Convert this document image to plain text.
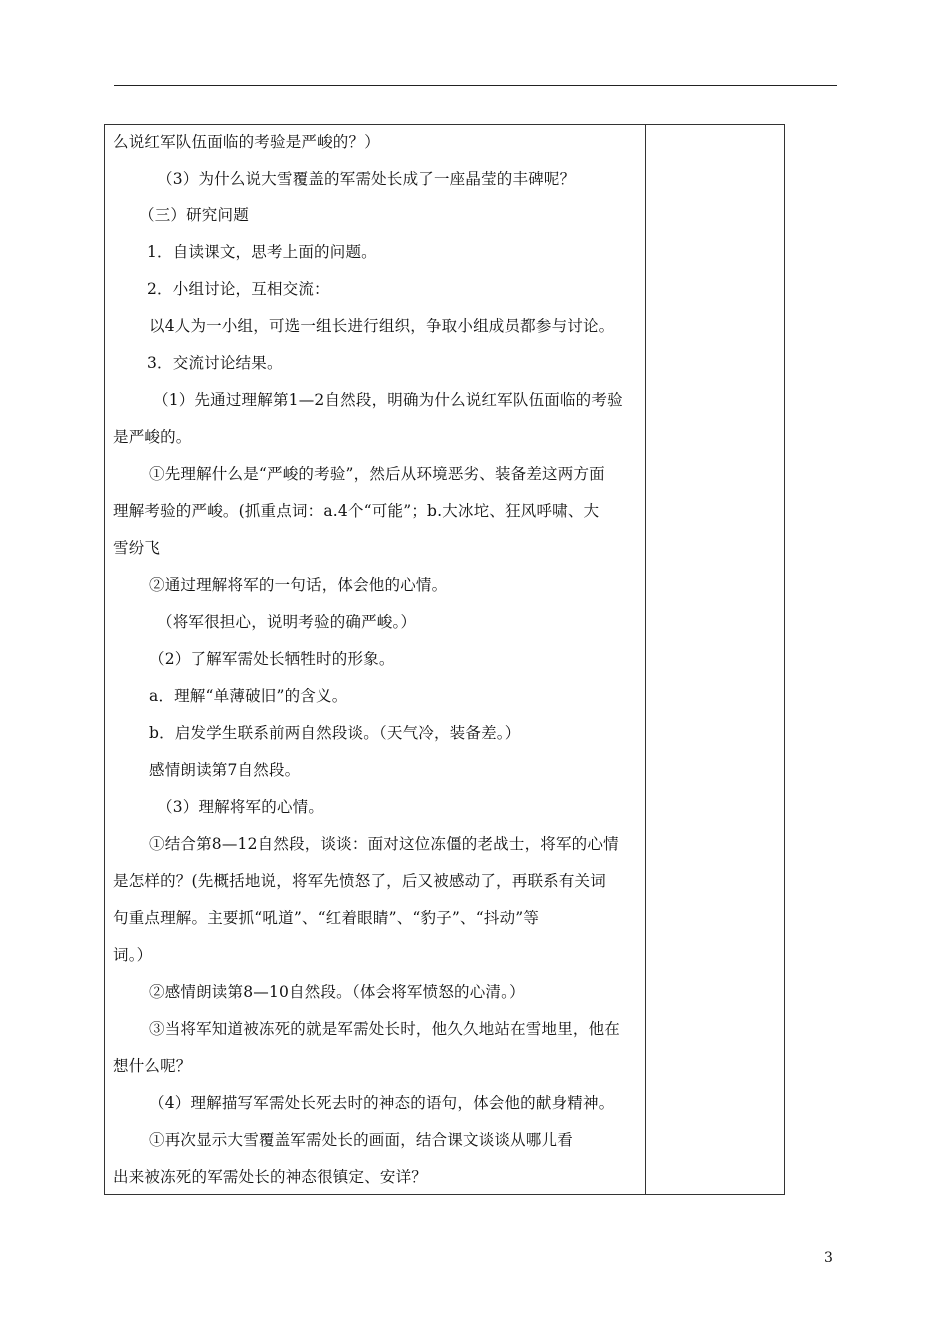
么说红军队伍面临的考验是严峻的？）
（3）为什么说大雪覆盖的军需处长成了一座晶莹的丰碑呢？
（三）研究问题
1．自读课文，思考上面的问题。
2．小组讨论，互相交流：
以4人为一小组，可选一组长进行组织，争取小组成员都参与讨论。
3．交流讨论结果。
（1）先通过理解第1—2自然段，明确为什么说红军队伍面临的考验
是严峻的。
①先理解什么是“严峻的考验”，然后从环境恶劣、装备差这两方面
理解考验的严峻。(抓重点词：a.4个“可能”；b.大冰坨、狂风呼啸、大
雪纷飞
②通过理解将军的一句话，体会他的心情。
（将军很担心，说明考验的确严峻。）
（2）了解军需处长牺牲时的形象。
a．理解“单薄破旧”的含义。
b．启发学生联系前两自然段谈。（天气冷，装备差。）
感情朗读第7自然段。
（3）理解将军的心情。
①结合第8—12自然段，谈谈：面对这位冻僵的老战士，将军的心情
是怎样的？(先概括地说，将军先愤怒了，后又被感动了，再联系有关词
句重点理解。主要抓“吼道”、“红着眼睛”、“豹子”、“抖动”等
词。）
②感情朗读第8—10自然段。（体会将军愤怒的心清。）
③当将军知道被冻死的就是军需处长时，他久久地站在雪地里，他在
想什么呢？
（4）理解描写军需处长死去时的神态的语句，体会他的献身精神。
①再次显示大雪覆盖军需处长的画面，结合课文谈谈从哪儿看
出来被冻死的军需处长的神态很镇定、安详？
3
